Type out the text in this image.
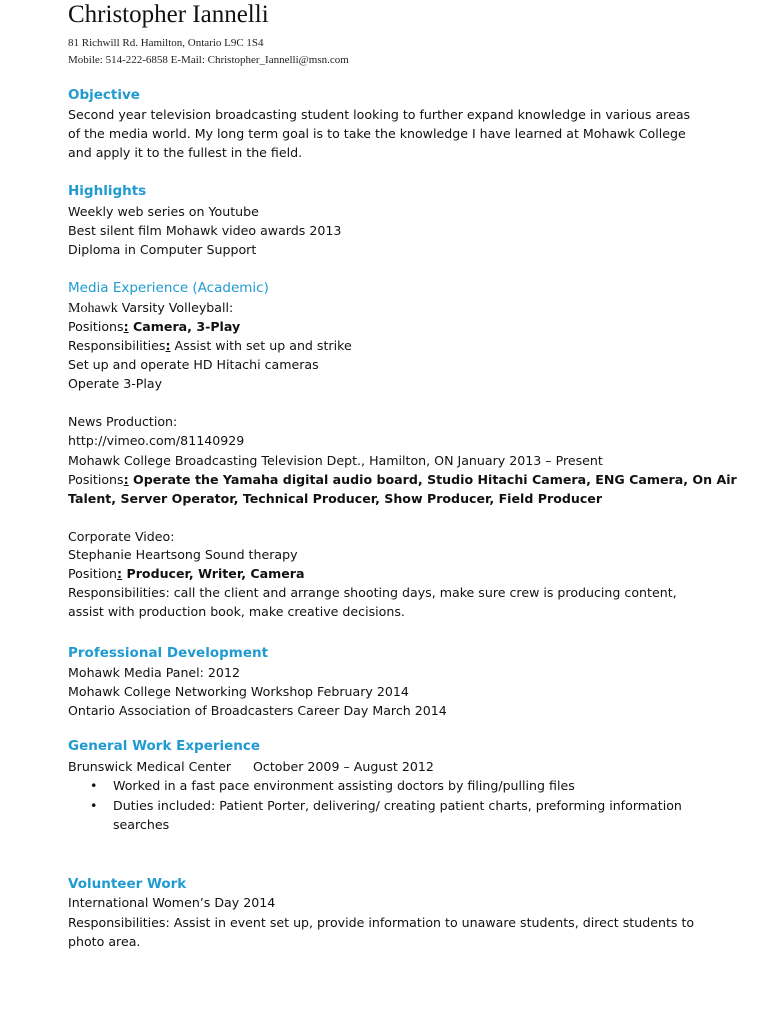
Christopher Iannelli
81 Richwill Rd. Hamilton, Ontario L9C 1S4
Mobile: 514-222-6858 E-Mail: Christopher_Iannelli@msn.com
Objective
Second year television broadcasting student looking to further expand knowledge in various areas of the media world. My long term goal is to take the knowledge I have learned at Mohawk College and apply it to the fullest in the field.
Highlights
Weekly web series on Youtube
Best silent film Mohawk video awards 2013
Diploma in Computer Support
Media Experience (Academic)
Mohawk Varsity Volleyball:
Positions: Camera, 3-Play
Responsibilities: Assist with set up and strike
Set up and operate HD Hitachi cameras
Operate 3-Play
News Production:
http://vimeo.com/81140929
Mohawk College Broadcasting Television Dept., Hamilton, ON January 2013 – Present
Positions: Operate the Yamaha digital audio board, Studio Hitachi Camera, ENG Camera, On Air
Talent, Server Operator, Technical Producer, Show Producer, Field Producer
Corporate Video:
Stephanie Heartsong Sound therapy
Position: Producer, Writer, Camera
Responsibilities: call the client and arrange shooting days, make sure crew is producing content, assist with production book, make creative decisions.
Professional Development
Mohawk Media Panel: 2012
Mohawk College Networking Workshop February 2014
Ontario Association of Broadcasters Career Day March 2014
General Work Experience
Brunswick Medical Center October 2009 – August 2012
• Worked in a fast pace environment assisting doctors by filing/pulling files
• Duties included: Patient Porter, delivering/ creating patient charts, preforming information searches
Volunteer Work
International Women’s Day 2014
Responsibilities: Assist in event set up, provide information to unaware students, direct students to photo area.
